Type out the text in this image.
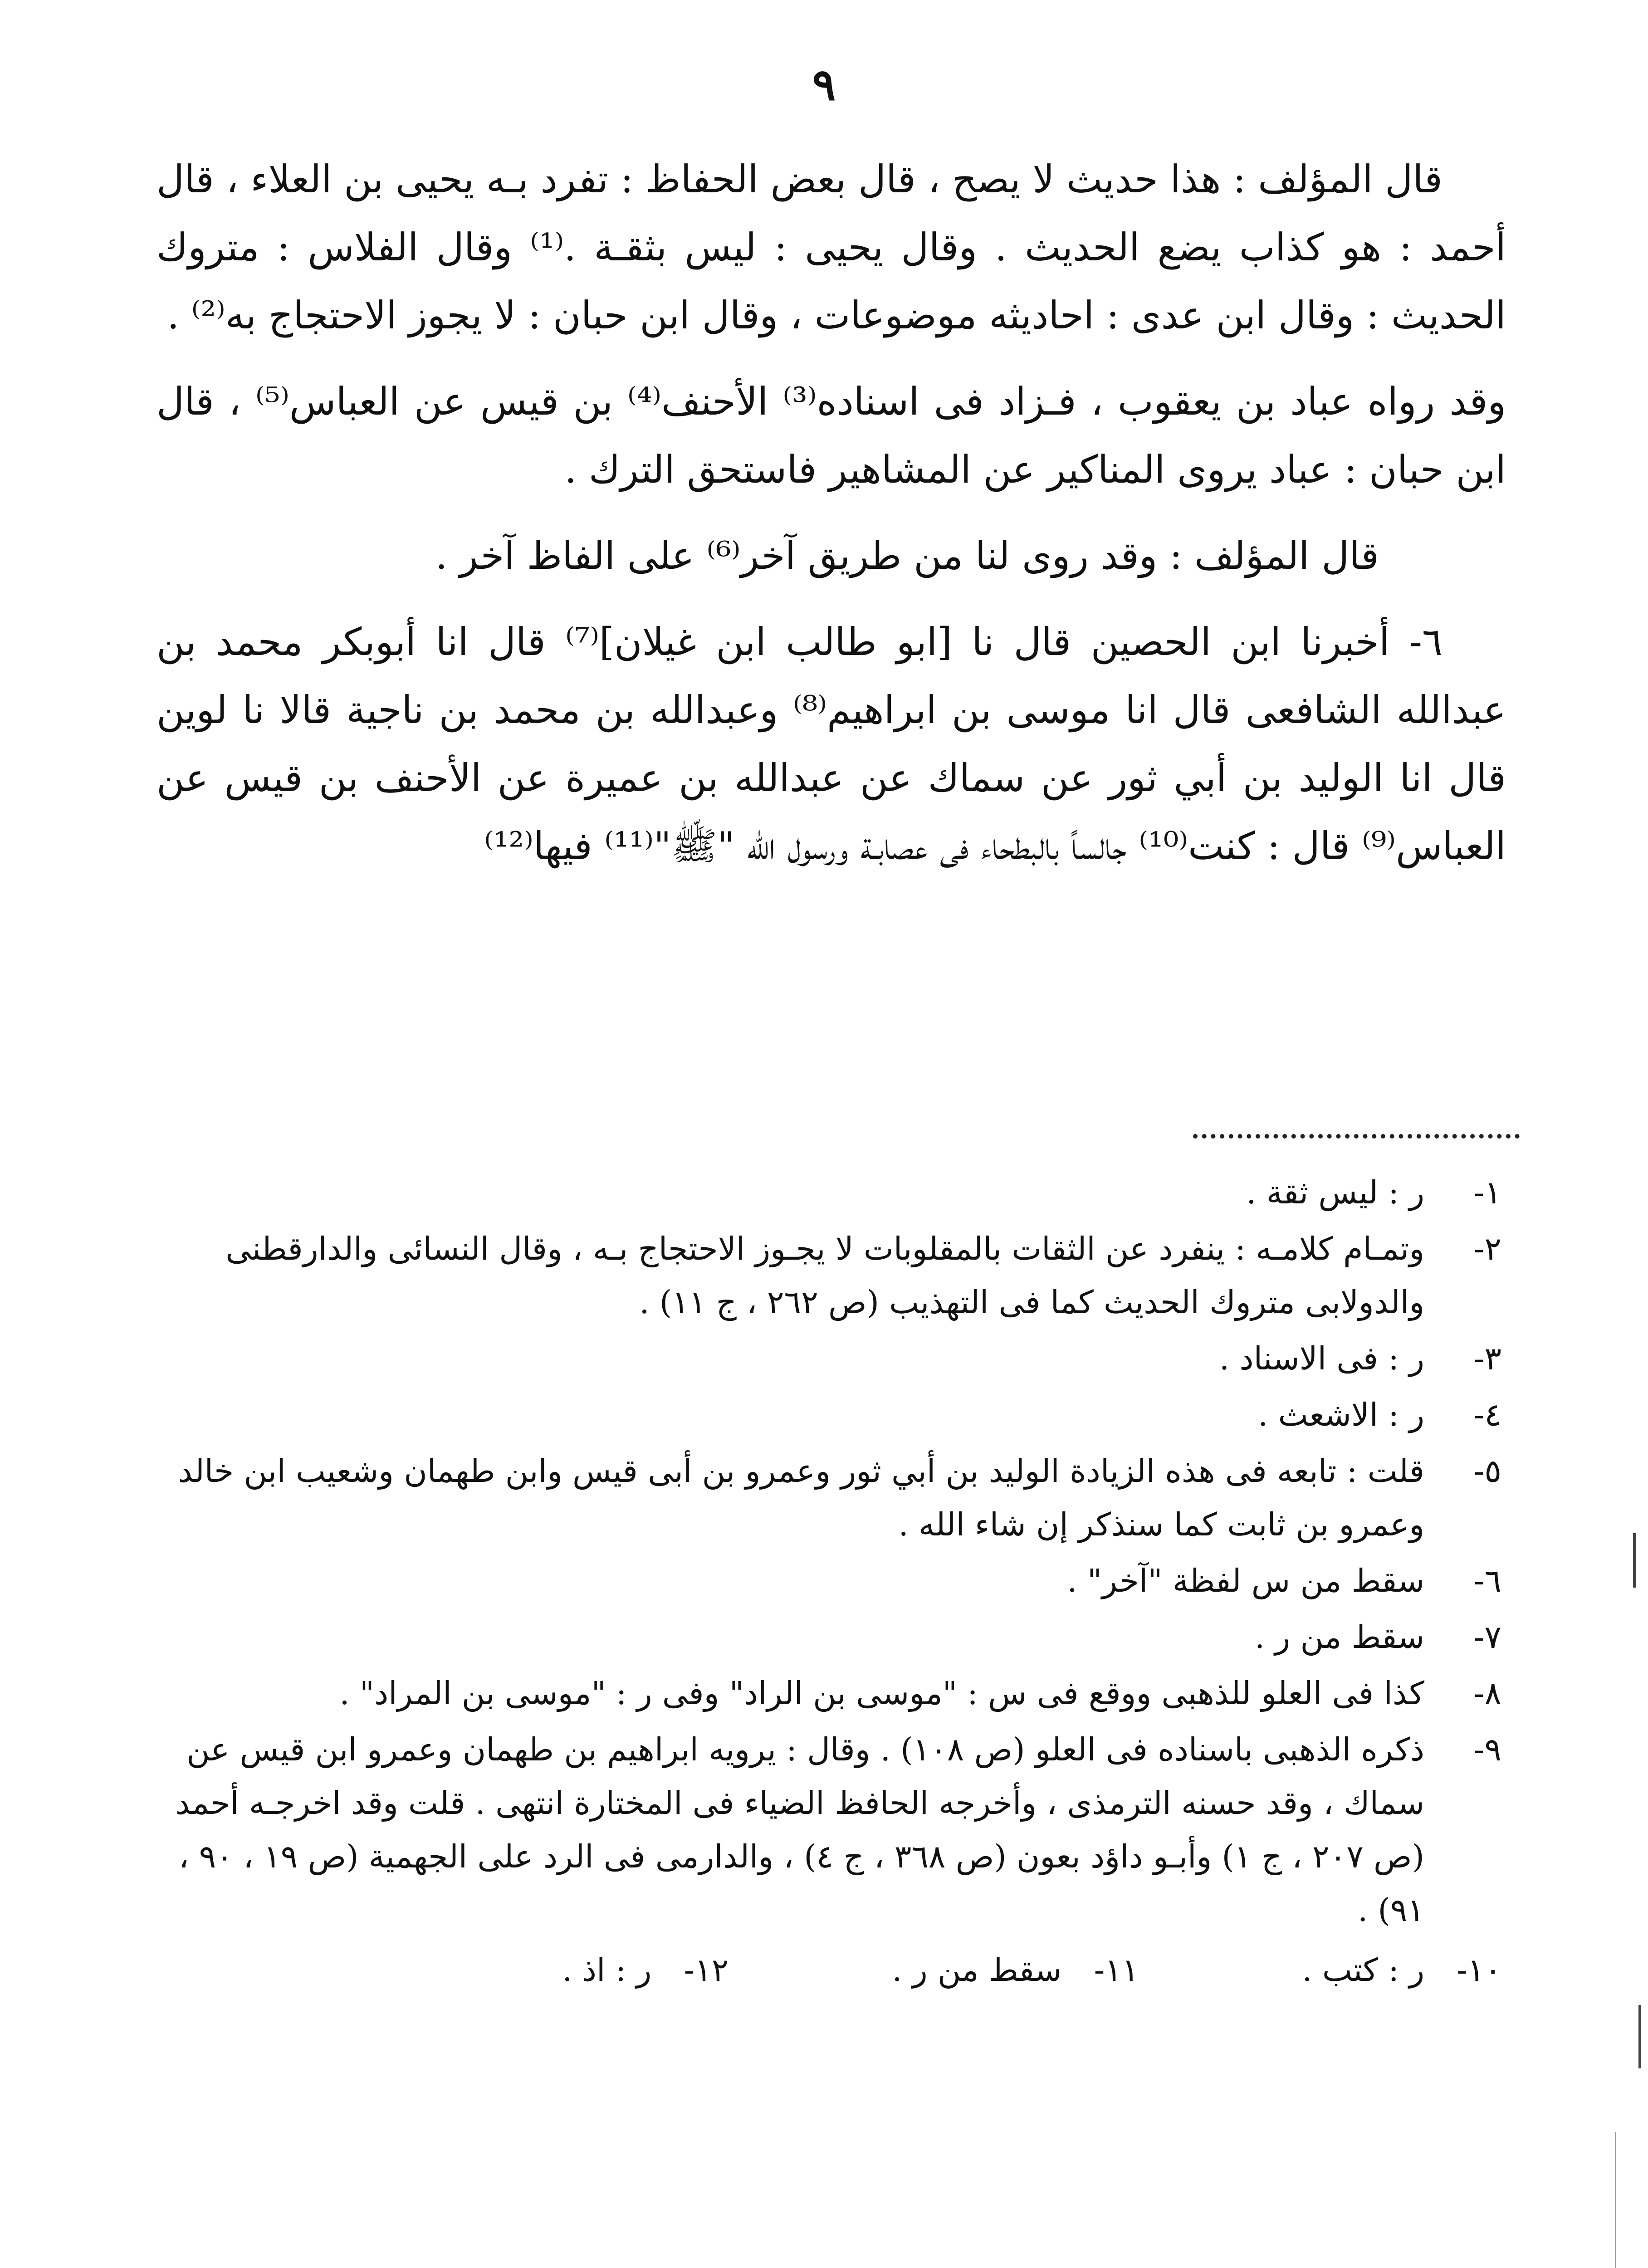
٩

قال المؤلف : هذا حديث لا يصح ، قال بعض الحفاظ : تفرد بـه يحيى بن العلاء ، قال أحمد : هو كذاب يضع الحديث . وقال يحيى : ليس بثقـة .⁽¹⁾ وقال الفلاس : متروك الحديث : وقال ابن عدى : احاديثه موضوعات ، وقال ابن حبان : لا يجوز الاحتجاج به⁽²⁾ .

وقد رواه عباد بن يعقوب ، فـزاد فى اسناده⁽³⁾ الأحنف⁽⁴⁾ بن قيس عن العباس⁽⁵⁾ ، قال ابن حبان : عباد يروى المناكير عن المشاهير فاستحق الترك .

قال المؤلف : وقد روى لنا من طريق آخر⁽⁶⁾ على الفاظ آخر .

٦- أخبرنا ابن الحصين قال نا [ابو طالب ابن غيلان]⁽⁷⁾ قال انا أبوبكر محمد بن عبدالله الشافعى قال انا موسى بن ابراهيم⁽⁸⁾ وعبدالله بن محمد بن ناجية قالا نا لوين قال انا الوليد بن أبي ثور عن سماك عن عبدالله بن عميرة عن الأحنف بن قيس عن العباس⁽⁹⁾ قال : كنت⁽¹⁰⁾ جالساً بالبطحاء فى عصابـة ورسول الله "ﷺ"⁽¹¹⁾ فيها⁽¹²⁾

١-
ر : ليس ثقة .
٢-
وتمـام كلامـه : ينفرد عن الثقات بالمقلوبات لا يجـوز الاحتجاج بـه ، وقال النسائى والدارقطنى والدولابى متروك الحديث كما فى التهذيب (ص ٢٦٢ ، ج ١١) .
٣-
ر : فى الاسناد .
٤-
ر : الاشعث .
٥-
قلت : تابعه فى هذه الزيادة الوليد بن أبي ثور وعمرو بن أبى قيس وابن طهمان وشعيب ابن خالد وعمرو بن ثابت كما سنذكر إن شاء الله .
٦-
سقط من س لفظة "آخر" .
٧-
سقط من ر .
٨-
كذا فى العلو للذهبى ووقع فى س : "موسى بن الراد" وفى ر : "موسى بن المراد" .
٩-
ذكره الذهبى باسناده فى العلو (ص ١٠٨) . وقال : يرويه ابراهيم بن طهمان وعمرو ابن قيس عن سماك ، وقد حسنه الترمذى ، وأخرجه الحافظ الضياء فى المختارة انتهى . قلت وقد اخرجـه أحمد (ص ٢٠٧ ، ج ١) وأبـو داؤد بعون (ص ٣٦٨ ، ج ٤) ، والدارمى فى الرد على الجهمية (ص ١٩ ، ٩٠ ، ٩١) .
١٠-
ر : كتب .
١١-
سقط من ر .
١٢-
ر : اذ .
